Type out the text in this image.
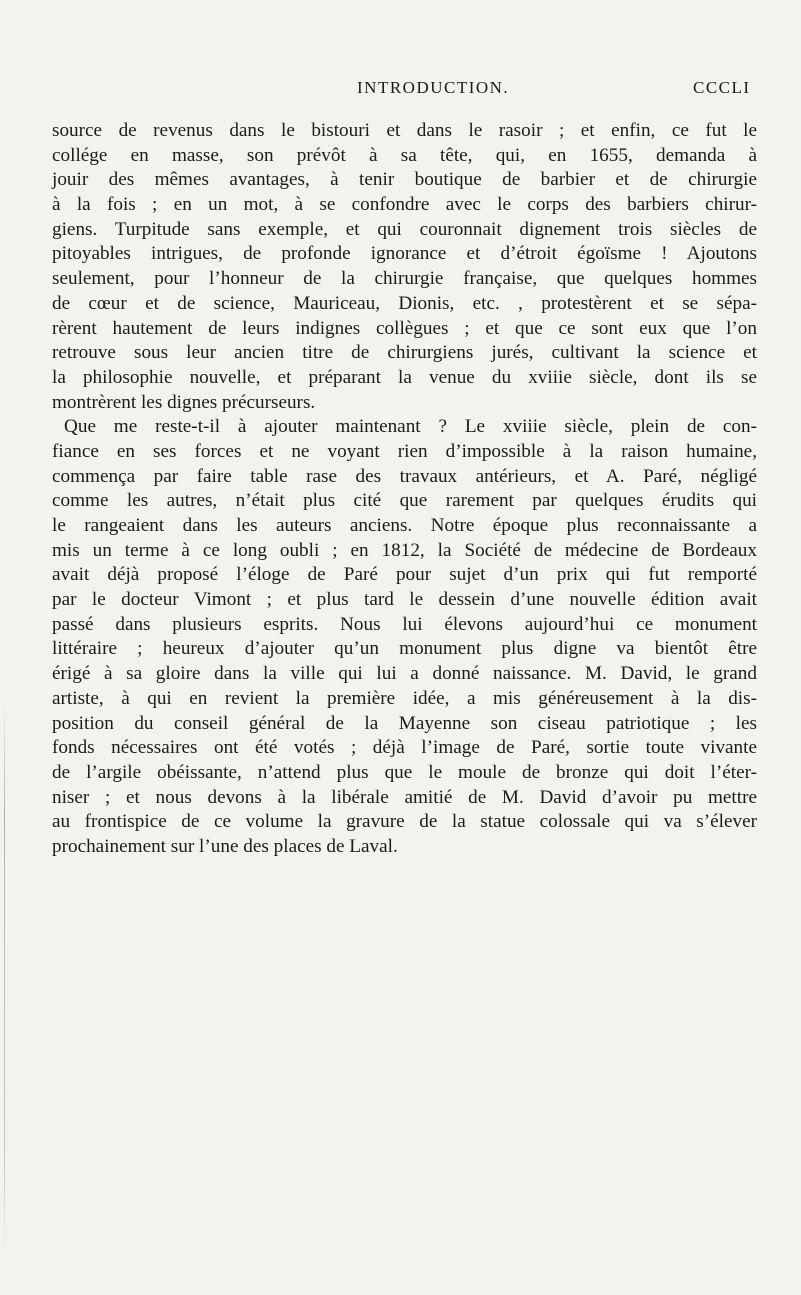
INTRODUCTION.	CCCLI
source de revenus dans le bistouri et dans le rasoir ; et enfin, ce fut le
collége en masse, son prévôt à sa tête, qui, en 1655, demanda à
jouir des mêmes avantages, à tenir boutique de barbier et de chirurgie
à la fois ; en un mot, à se confondre avec le corps des barbiers chirur-
giens. Turpitude sans exemple, et qui couronnait dignement trois siècles de
pitoyables intrigues, de profonde ignorance et d’étroit égoïsme ! Ajoutons
seulement, pour l’honneur de la chirurgie française, que quelques hommes
de cœur et de science, Mauriceau, Dionis, etc. , protestèrent et se sépa-
rèrent hautement de leurs indignes collègues ; et que ce sont eux que l’on
retrouve sous leur ancien titre de chirurgiens jurés, cultivant la science et
la philosophie nouvelle, et préparant la venue du xviiie siècle, dont ils se
montrèrent les dignes précurseurs.
Que me reste-t-il à ajouter maintenant ? Le xviiie siècle, plein de con-
fiance en ses forces et ne voyant rien d’impossible à la raison humaine,
commença par faire table rase des travaux antérieurs, et A. Paré, négligé
comme les autres, n’était plus cité que rarement par quelques érudits qui
le rangeaient dans les auteurs anciens. Notre époque plus reconnaissante a
mis un terme à ce long oubli ; en 1812, la Société de médecine de Bordeaux
avait déjà proposé l’éloge de Paré pour sujet d’un prix qui fut remporté
par le docteur Vimont ; et plus tard le dessein d’une nouvelle édition avait
passé dans plusieurs esprits. Nous lui élevons aujourd’hui ce monument
littéraire ; heureux d’ajouter qu’un monument plus digne va bientôt être
érigé à sa gloire dans la ville qui lui a donné naissance. M. David, le grand
artiste, à qui en revient la première idée, a mis généreusement à la dis-
position du conseil général de la Mayenne son ciseau patriotique ; les
fonds nécessaires ont été votés ; déjà l’image de Paré, sortie toute vivante
de l’argile obéissante, n’attend plus que le moule de bronze qui doit l’éter-
niser ; et nous devons à la libérale amitié de M. David d’avoir pu mettre
au frontispice de ce volume la gravure de la statue colossale qui va s’élever
prochainement sur l’une des places de Laval.
